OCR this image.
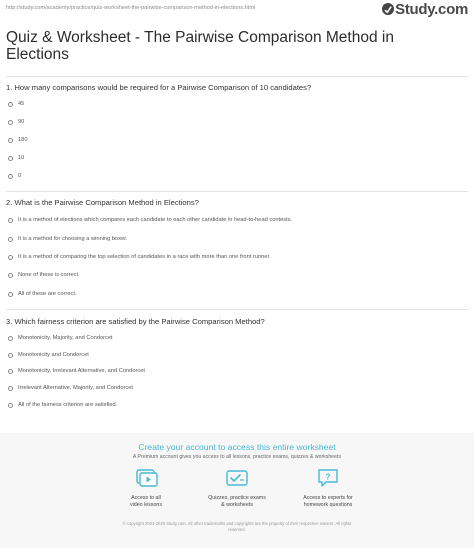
http://study.com/academy/practice/quiz-worksheet-the-pairwise-comparison-method-in-elections.html	Study.com
Quiz & Worksheet - The Pairwise Comparison Method in Elections
1. How many comparisons would be required for a Pairwise Comparison of 10 candidates?
45
90
180
10
0
2. What is the Pairwise Comparison Method in Elections?
It is a method of elections which compares each candidate to each other candidate in head-to-head contests.
It is a method for choosing a winning boxer.
It is a method of comparing the top selection of candidates in a race with more than one front runner.
None of these is correct.
All of these are correct.
3. Which fairness criterion are satisfied by the Pairwise Comparison Method?
Monotonicity, Majority, and Condorcet
Monotonicity and Condorcet
Monotonicity, Irrelevant Alternative, and Condorcet
Irrelevant Alternative, Majority, and Condorcet
All of the fairness criterion are satisfied.
Create your account to access this entire worksheet
A Premium account gives you access to all lessons, practice exams, quizzes & worksheets
Access to all
video lessons
Quizzes, practice exams
& worksheets
?
Access to experts for
homework questions
© copyright 2003-2020 Study.com. All other trademarks and copyrights are the property of their respective owners. All rights
reserved.
